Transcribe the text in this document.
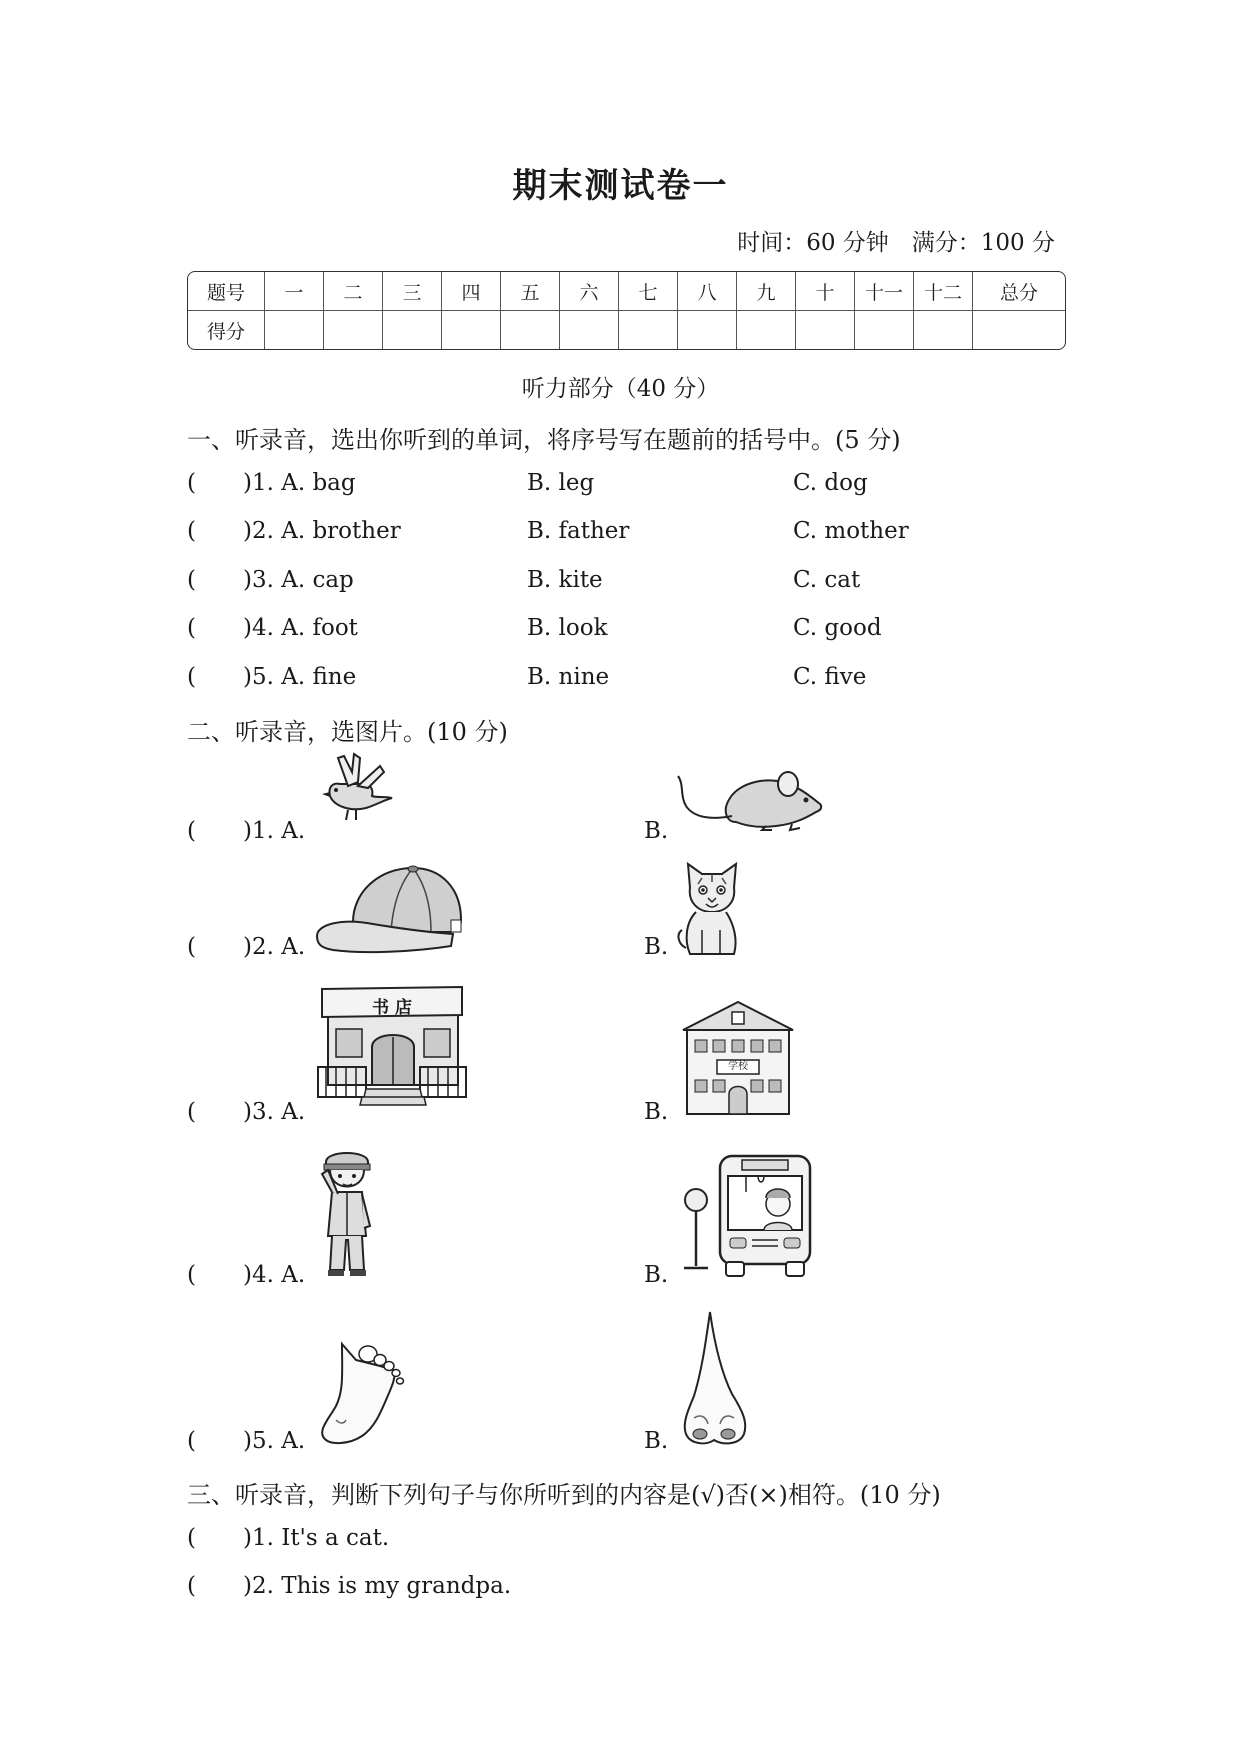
期末测试卷一
时间：60 分钟　满分：100 分
题号	一	二	三	四	五	六	七	八	九	十	十一	十二	总分
得分													
听力部分（40 分）
一、听录音，选出你听到的单词，将序号写在题前的括号中。(5 分)
( )1. A. bag	B. leg	C. dog
( )2. A. brother	B. father	C. mother
( )3. A. cap	B. kite	C. cat
( )4. A. foot	B. look	C. good
( )5. A. fine	B. nine	C. five
二、听录音，选图片。(10 分)
( )1. A.	B.
( )2. A.	B.
( )3. A.	B.
书 店
学校
( )4. A.	B.
( )5. A.	B.
三、听录音，判断下列句子与你所听到的内容是(√)否(×)相符。(10 分)
( )1. It's a cat.
( )2. This is my grandpa.
